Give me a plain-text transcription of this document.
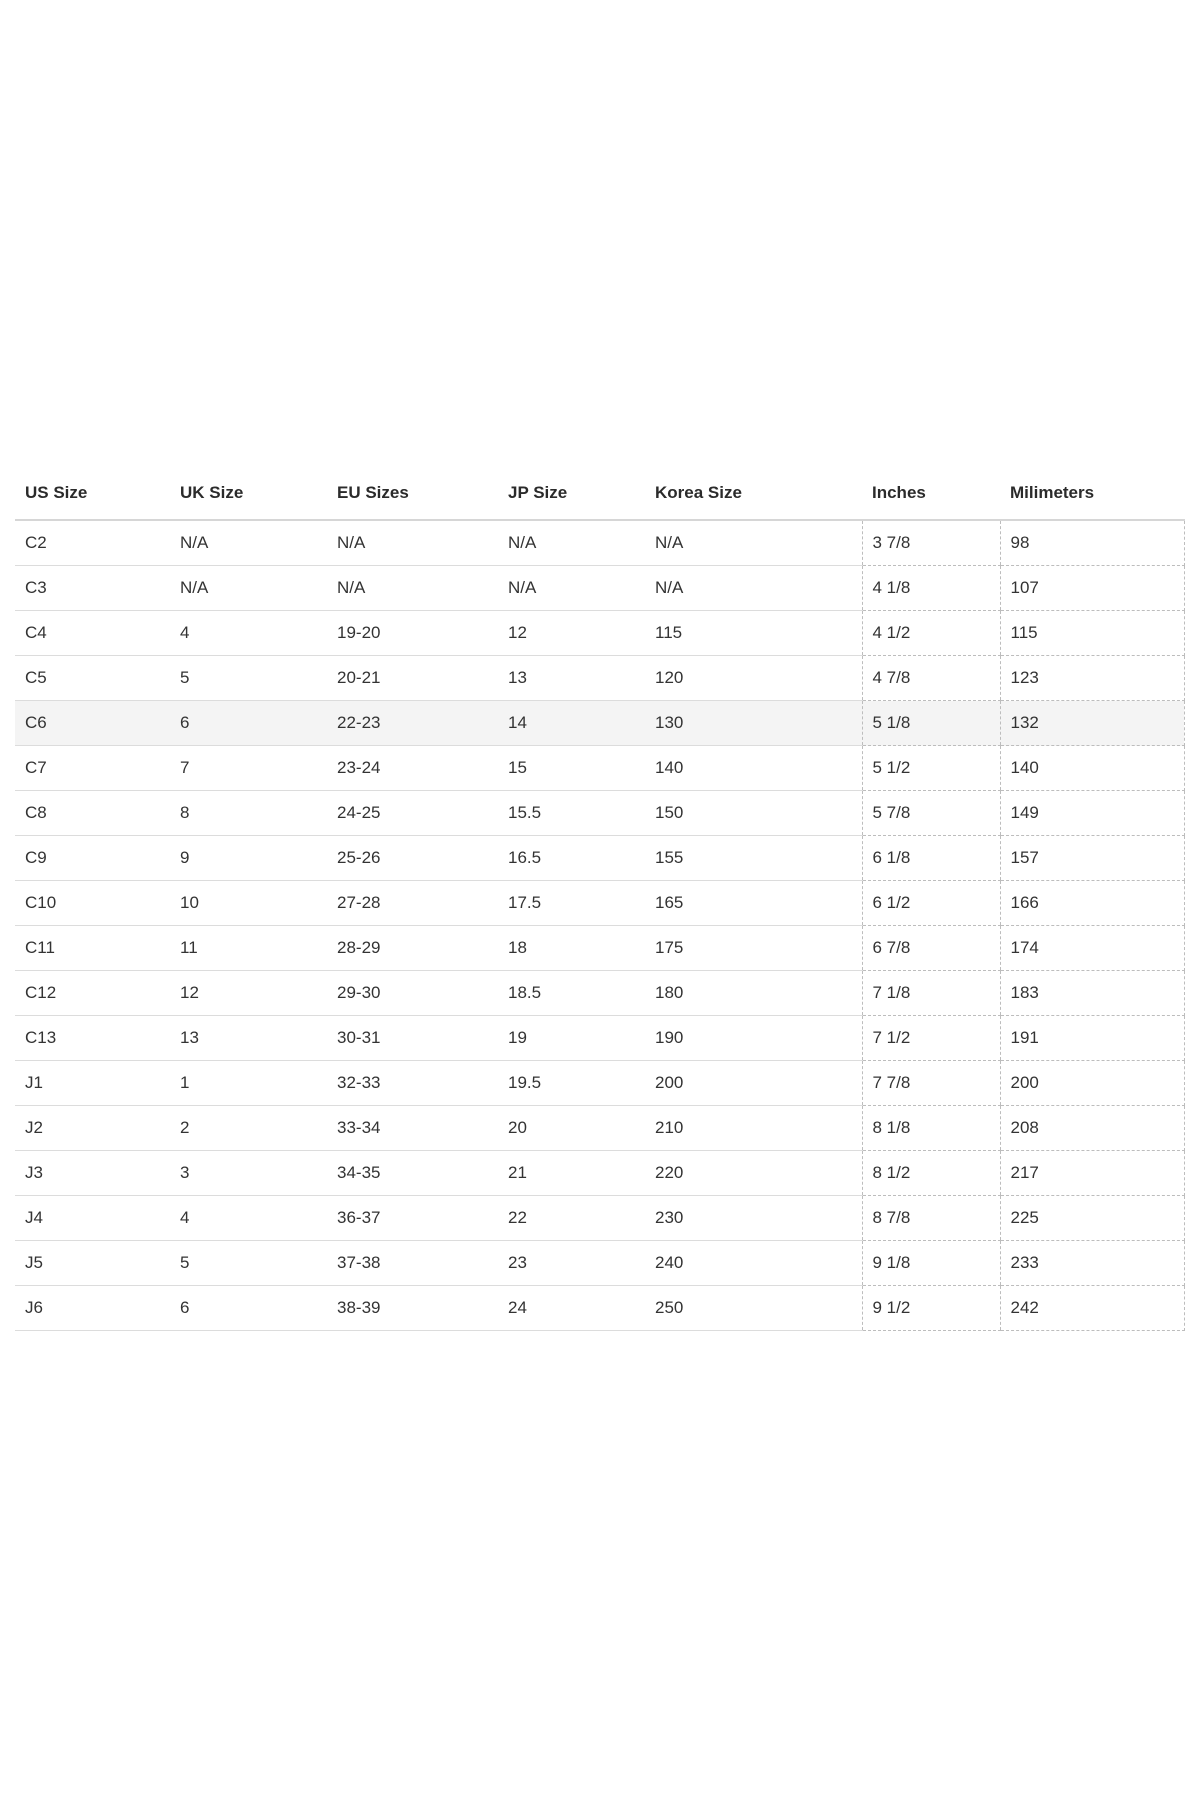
US Size	UK Size	EU Sizes	JP Size	Korea Size	Inches	Milimeters
C2	N/A	N/A	N/A	N/A	3 7/8	98
C3	N/A	N/A	N/A	N/A	4 1/8	107
C4	4	19-20	12	115	4 1/2	115
C5	5	20-21	13	120	4 7/8	123
C6	6	22-23	14	130	5 1/8	132
C7	7	23-24	15	140	5 1/2	140
C8	8	24-25	15.5	150	5 7/8	149
C9	9	25-26	16.5	155	6 1/8	157
C10	10	27-28	17.5	165	6 1/2	166
C11	11	28-29	18	175	6 7/8	174
C12	12	29-30	18.5	180	7 1/8	183
C13	13	30-31	19	190	7 1/2	191
J1	1	32-33	19.5	200	7 7/8	200
J2	2	33-34	20	210	8 1/8	208
J3	3	34-35	21	220	8 1/2	217
J4	4	36-37	22	230	8 7/8	225
J5	5	37-38	23	240	9 1/8	233
J6	6	38-39	24	250	9 1/2	242
